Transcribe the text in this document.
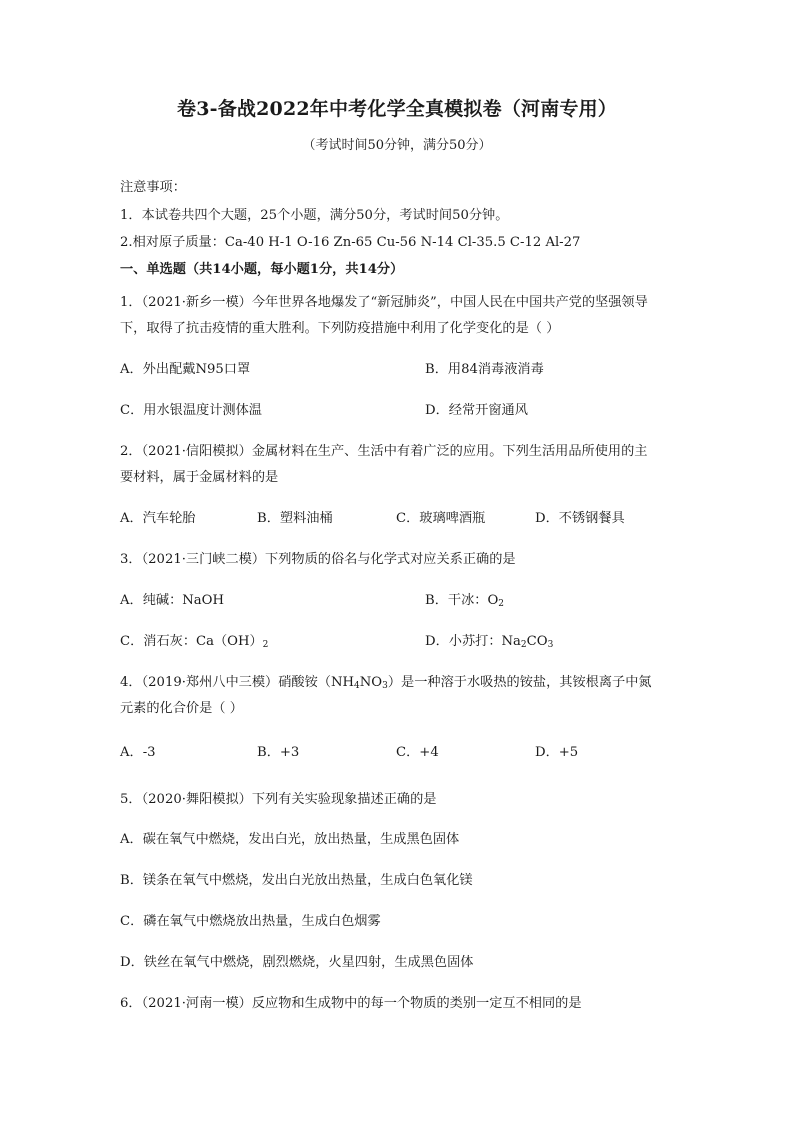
卷3-备战2022年中考化学全真模拟卷（河南专用）
（考试时间50分钟，满分50分）
注意事项：
1．本试卷共四个大题，25个小题，满分50分，考试时间50分钟。
2.相对原子质量：Ca-40 H-1 O-16 Zn-65 Cu-56 N-14 Cl-35.5 C-12 Al-27
一、单选题（共14小题，每小题1分，共14分）
1．（2021·新乡一模）今年世界各地爆发了“新冠肺炎”，中国人民在中国共产党的坚强领导
下，取得了抗击疫情的重大胜利。下列防疫措施中利用了化学变化的是（ ）
A．外出配戴N95口罩	B．用84消毒液消毒
C．用水银温度计测体温	D．经常开窗通风
2．（2021·信阳模拟）金属材料在生产、生活中有着广泛的应用。下列生活用品所使用的主
要材料，属于金属材料的是
A．汽车轮胎	B．塑料油桶	C．玻璃啤酒瓶	D．不锈钢餐具
3．（2021·三门峡二模）下列物质的俗名与化学式对应关系正确的是
A．纯碱：NaOH	B．干冰：$O_2$
C．消石灰：$Ca(OH)_2$	D．小苏打：$Na_2CO_3$
4．（2019·郑州八中三模）硝酸铵$(NH_4NO_3)$是一种溶于水吸热的铵盐，其铵根离子中氮
元素的化合价是（ ）
A．-3	B．+3	C．+4	D．+5
5．（2020·舞阳模拟）下列有关实验现象描述正确的是
A．碳在氧气中燃烧，发出白光，放出热量，生成黑色固体
B．镁条在氧气中燃烧，发出白光放出热量，生成白色氧化镁
C．磷在氧气中燃烧放出热量，生成白色烟雾
D．铁丝在氧气中燃烧，剧烈燃烧，火星四射，生成黑色固体
6．（2021·河南一模）反应物和生成物中的每一个物质的类别一定互不相同的是
